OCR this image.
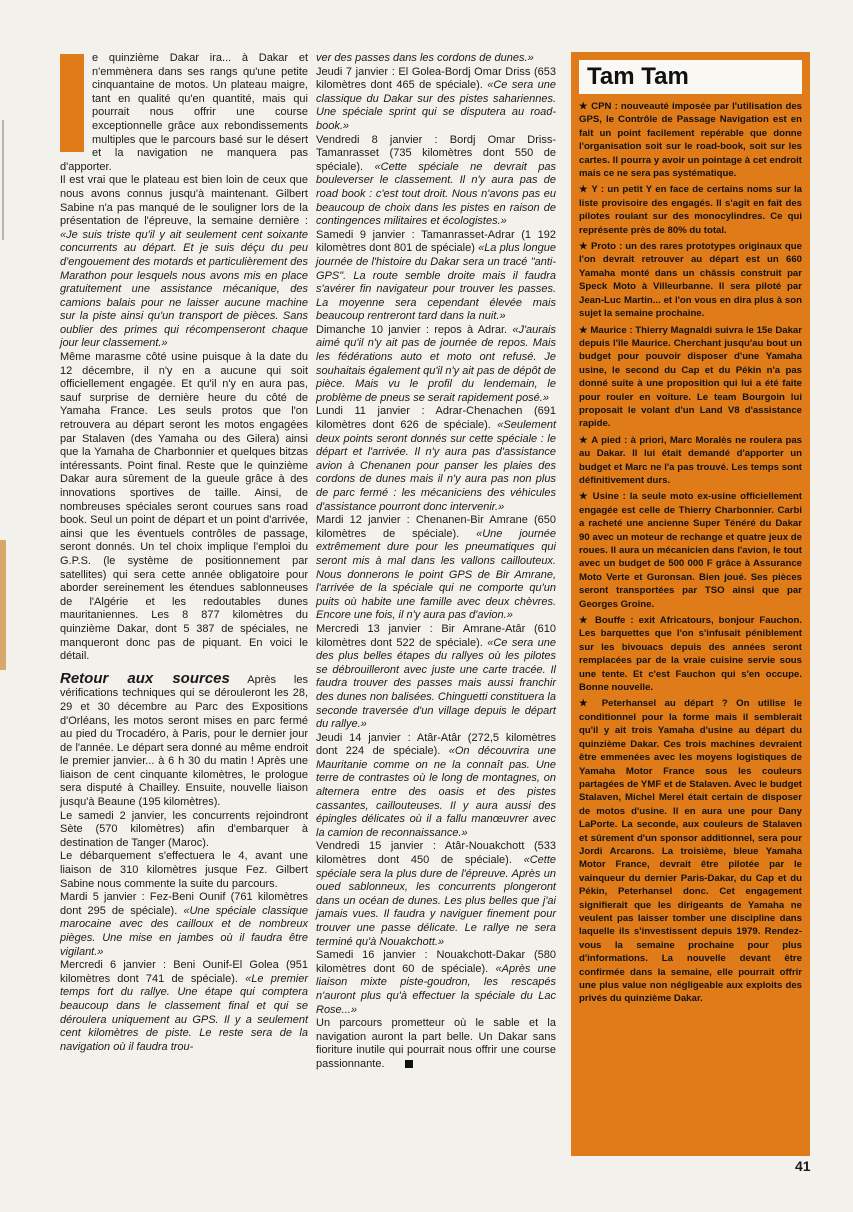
e quinzième Dakar ira... à Dakar et n'emmènera dans ses rangs qu'une petite cinquantaine de motos. Un plateau maigre, tant en qualité qu'en quantité, mais qui pourrait nous offrir une course exceptionnelle grâce aux rebondissements multiples que le parcours basé sur le désert et la navigation ne manquera pas d'apporter.

Il est vrai que le plateau est bien loin de ceux que nous avons connus jusqu'à maintenant. Gilbert Sabine n'a pas manqué de le souligner lors de la présentation de l'épreuve, la semaine dernière : «Je suis triste qu'il y ait seulement cent soixante concurrents au départ. Et je suis déçu du peu d'engouement des motards et particulièrement des Marathon pour lesquels nous avons mis en place gratuitement une assistance mécanique, des camions balais pour ne laisser aucune machine sur la piste ainsi qu'un transport de pièces. Sans oublier des primes qui récompenseront chaque jour leur classement.»

Même marasme côté usine puisque à la date du 12 décembre, il n'y en a aucune qui soit officiellement engagée. Et qu'il n'y en aura pas, sauf surprise de dernière heure du côté de Yamaha France. Les seuls protos que l'on retrouvera au départ seront les motos engagées par Stalaven (des Yamaha ou des Gilera) ainsi que la Yamaha de Charbonnier et quelques bitzas intéressants. Point final. Reste que le quinzième Dakar aura sûrement de la gueule grâce à des innovations sportives de taille. Ainsi, de nombreuses spéciales seront courues sans road book. Seul un point de départ et un point d'arrivée, ainsi que les éventuels contrôles de passage, seront donnés. Un tel choix implique l'emploi du G.P.S. (le système de positionnement par satellites) qui sera cette année obligatoire pour aborder sereinement les étendues sablonneuses de l'Algérie et les redoutables dunes mauritaniennes. Les 8 877 kilomètres du quinzième Dakar, dont 5 387 de spéciales, ne manqueront donc pas de piquant. En voici le détail.

Retour aux sources Après les vérifications techniques qui se dérouleront les 28, 29 et 30 décembre au Parc des Expositions d'Orléans, les motos seront mises en parc fermé au pied du Trocadéro, à Paris, pour le dernier jour de l'année. Le départ sera donné au même endroit le premier janvier... à 6 h 30 du matin ! Après une liaison de cent cinquante kilomètres, le prologue sera disputé à Chailley. Ensuite, nouvelle liaison jusqu'à Beaune (195 kilomètres).

Le samedi 2 janvier, les concurrents rejoindront Sète (570 kilomètres) afin d'embarquer à destination de Tanger (Maroc).

Le débarquement s'effectuera le 4, avant une liaison de 310 kilomètres jusque Fez. Gilbert Sabine nous commente la suite du parcours.

Mardi 5 janvier : Fez-Beni Ounif (761 kilomètres dont 295 de spéciale). «Une spéciale classique marocaine avec des cailloux et de nombreux pièges. Une mise en jambes où il faudra être vigilant.»

Mercredi 6 janvier : Beni Ounif-El Golea (951 kilomètres dont 741 de spéciale). «Le premier temps fort du rallye. Une étape qui comptera beaucoup dans le classement final et qui se déroulera uniquement au GPS. Il y a seulement cent kilomètres de piste. Le reste sera de la navigation où il faudra trou-

ver des passes dans les cordons de dunes.»

Jeudi 7 janvier : El Golea-Bordj Omar Driss (653 kilomètres dont 465 de spéciale). «Ce sera une classique du Dakar sur des pistes sahariennes. Une spéciale sprint qui se disputera au road-book.»

Vendredi 8 janvier : Bordj Omar Driss-Tamanrasset (735 kilomètres dont 550 de spéciale). «Cette spéciale ne devrait pas bouleverser le classement. Il n'y aura pas de road book : c'est tout droit. Nous n'avons pas eu beaucoup de choix dans les pistes en raison de contingences militaires et écologistes.»

Samedi 9 janvier : Tamanrasset-Adrar (1 192 kilomètres dont 801 de spéciale) «La plus longue journée de l'histoire du Dakar sera un tracé "anti-GPS". La route semble droite mais il faudra s'avérer fin navigateur pour trouver les passes. La moyenne sera cependant élevée mais beaucoup rentreront tard dans la nuit.»

Dimanche 10 janvier : repos à Adrar. «J'aurais aimé qu'il n'y ait pas de journée de repos. Mais les fédérations auto et moto ont refusé. Je souhaitais également qu'il n'y ait pas de dépôt de pièce. Mais vu le profil du lendemain, le problème de pneus se serait rapidement posé.»

Lundi 11 janvier : Adrar-Chenachen (691 kilomètres dont 626 de spéciale). «Seulement deux points seront donnés sur cette spéciale : le départ et l'arrivée. Il n'y aura pas d'assistance avion à Chenanen pour panser les plaies des cordons de dunes mais il n'y aura pas non plus de parc fermé : les mécaniciens des véhicules d'assistance pourront donc intervenir.»

Mardi 12 janvier : Chenanen-Bir Amrane (650 kilomètres de spéciale). «Une journée extrêmement dure pour les pneumatiques qui seront mis à mal dans les vallons caillouteux. Nous donnerons le point GPS de Bir Amrane, l'arrivée de la spéciale qui ne comporte qu'un puits où habite une famille avec deux chèvres. Encore une fois, il n'y aura pas d'avion.»

Mercredi 13 janvier : Bir Amrane-Atâr (610 kilomètres dont 522 de spéciale). «Ce sera une des plus belles étapes du rallyes où les pilotes se débrouilleront avec juste une carte tracée. Il faudra trouver des passes mais aussi franchir des dunes non balisées. Chinguetti constituera la seconde traversée d'un village depuis le départ du rallye.»

Jeudi 14 janvier : Atâr-Atâr (272,5 kilomètres dont 224 de spéciale). «On découvrira une Mauritanie comme on ne la connaît pas. Une terre de contrastes où le long de montagnes, on alternera entre des oasis et des pistes cassantes, caillouteuses. Il y aura aussi des épingles délicates où il a fallu manœuvrer avec la camion de reconnaissance.»

Vendredi 15 janvier : Atâr-Nouakchott (533 kilomètres dont 450 de spéciale). «Cette spéciale sera la plus dure de l'épreuve. Après un oued sablonneux, les concurrents plongeront dans un océan de dunes. Les plus belles que j'ai jamais vues. Il faudra y naviguer finement pour trouver une passe délicate. Le rallye ne sera terminé qu'à Nouakchott.»

Samedi 16 janvier : Nouakchott-Dakar (580 kilomètres dont 60 de spéciale). «Après une liaison mixte piste-goudron, les rescapés n'auront plus qu'à effectuer la spéciale du Lac Rose...»

Un parcours prometteur où le sable et la navigation auront la part belle. Un Dakar sans fioriture inutile qui pourrait nous offrir une course passionnante.

Tam Tam
★ CPN : nouveauté imposée par l'utilisation des GPS, le Contrôle de Passage Navigation est en fait un point facilement repérable que donne l'organisation soit sur le road-book, soit sur les cartes. Il pourra y avoir un pointage à cet endroit mais ce ne sera pas systématique.
★ Y : un petit Y en face de certains noms sur la liste provisoire des engagés. Il s'agit en fait des pilotes roulant sur des monocylindres. Ce qui représente près de 80% du total.
★ Proto : un des rares prototypes originaux que l'on devrait retrouver au départ est un 660 Yamaha monté dans un châssis construit par Speck Moto à Villeurbanne. Il sera piloté par Jean-Luc Martin... et l'on vous en dira plus à son sujet la semaine prochaine.
★ Maurice : Thierry Magnaldi suivra le 15e Dakar depuis l'île Maurice. Cherchant jusqu'au bout un budget pour pouvoir disposer d'une Yamaha usine, le second du Cap et du Pékin n'a pas donné suite à une proposition qui lui a été faite pour rouler en voiture. Le team Bourgoin lui proposait le volant d'un Land V8 d'assistance rapide.
★ A pied : à priori, Marc Moralès ne roulera pas au Dakar. Il lui était demandé d'apporter un budget et Marc ne l'a pas trouvé. Les temps sont définitivement durs.
★ Usine : la seule moto ex-usine officiellement engagée est celle de Thierry Charbonnier. Carbi a racheté une ancienne Super Ténéré du Dakar 90 avec un moteur de rechange et quatre jeux de roues. Il aura un mécanicien dans l'avion, le tout avec un budget de 500 000 F grâce à Assurance Moto Verte et Guronsan. Bien joué. Ses pièces seront transportées par TSO ainsi que par Georges Groine.
★ Bouffe : exit Africatours, bonjour Fauchon. Les barquettes que l'on s'infusait péniblement sur les bivouacs depuis des années seront remplacées par de la vraie cuisine servie sous une tente. Et c'est Fauchon qui s'en occupe. Bonne nouvelle.
★ Peterhansel au départ ? On utilise le conditionnel pour la forme mais il semblerait qu'il y ait trois Yamaha d'usine au départ du quinzième Dakar. Ces trois machines devraient être emmenées avec les moyens logistiques de Yamaha Motor France sous les couleurs partagées de YMF et de Stalaven. Avec le budget Stalaven, Michel Merel était certain de disposer de motos d'usine. Il en aura une pour Dany LaPorte. La seconde, aux couleurs de Stalaven et sûrement d'un sponsor additionnel, sera pour Jordi Arcarons. La troisième, bleue Yamaha Motor France, devrait être pilotée par le vainqueur du dernier Paris-Dakar, du Cap et du Pékin, Peterhansel donc. Cet engagement signifierait que les dirigeants de Yamaha ne veulent pas laisser tomber une discipline dans laquelle ils s'investissent depuis 1979. Rendez-vous la semaine prochaine pour plus d'informations. La nouvelle devant être confirmée dans la semaine, elle pourrait offrir une plus value non négligeable aux exploits des privés du quinzième Dakar.
41
